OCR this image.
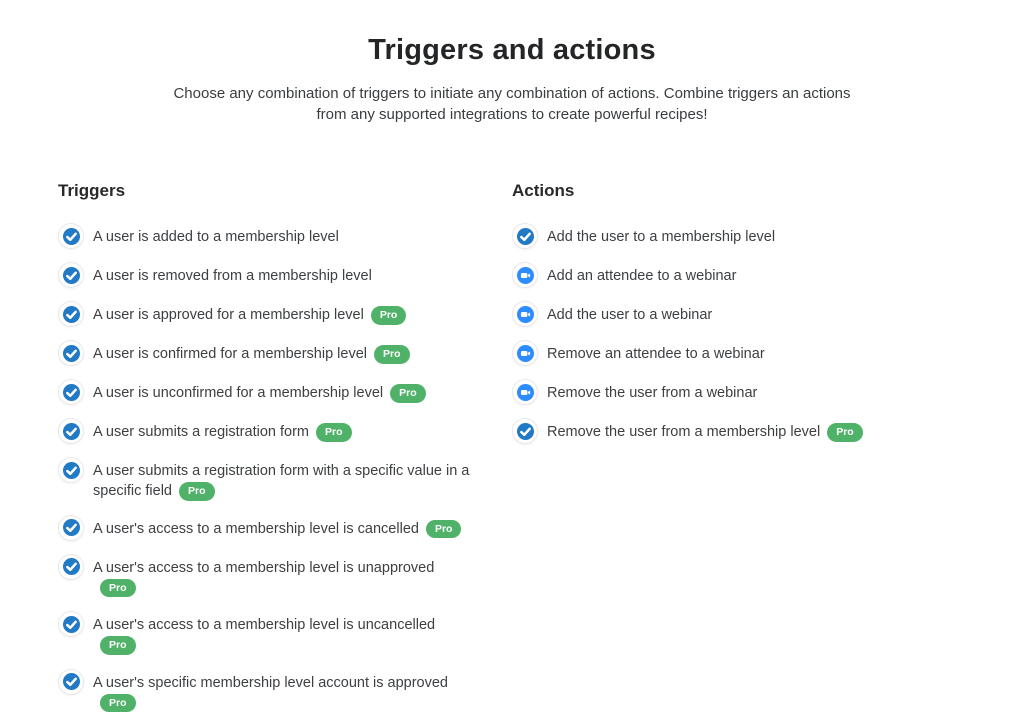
Triggers and actions

Choose any combination of triggers to initiate any combination of actions. Combine triggers an actions from any supported integrations to create powerful recipes!

Triggers
A user is added to a membership level
A user is removed from a membership level
A user is approved for a membership level Pro
A user is confirmed for a membership level Pro
A user is unconfirmed for a membership level Pro
A user submits a registration form Pro
A user submits a registration form with a specific value in a specific field Pro
A user's access to a membership level is cancelled Pro
A user's access to a membership level is unapprovedPro
A user's access to a membership level is uncancelledPro
A user's specific membership level account is approvedPro
Actions
Add the user to a membership level
Add an attendee to a webinar
Add the user to a webinar
Remove an attendee to a webinar
Remove the user from a webinar
Remove the user from a membership level Pro
